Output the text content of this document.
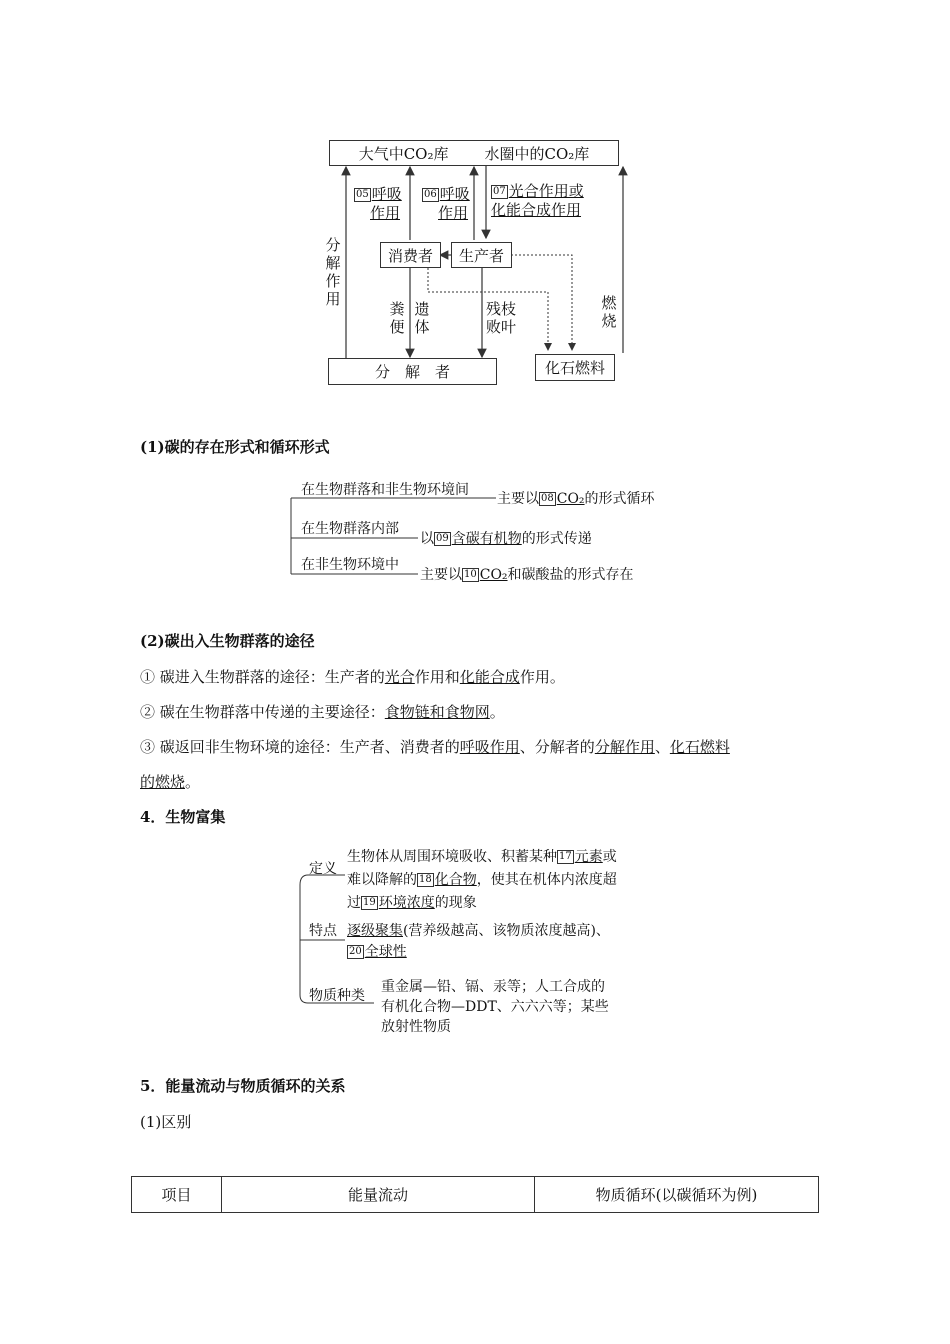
大气中CO₂库 水圈中的CO₂库
05 呼吸
作用
06 呼吸
作用
07 光合作用或
化能合成作用
分
解
作
用
消费者	生产者
粪
便
遗
体
残枝
败叶
燃
烧
分　解　者	化石燃料
(1)碳的存在形式和循环形式
在生物群落和非生物环境间
主要以 08 CO₂的形式循环
在生物群落内部
以 09 含碳有机物的形式传递
在非生物环境中
主要以 10 CO₂和碳酸盐的形式存在
(2)碳出入生物群落的途径
① 碳进入生物群落的途径：生产者的光合作用和化能合成作用。
② 碳在生物群落中传递的主要途径：食物链和食物网。
③ 碳返回非生物环境的途径：生产者、消费者的呼吸作用、分解者的分解作用、化石燃料
的燃烧。
4．生物富集
定义
生物体从周围环境吸收、积蓄某种 17 元素或
难以降解的 18 化合物，使其在机体内浓度超
过 19 环境浓度的现象
特点 逐级聚集(营养级越高、该物质浓度越高)、
20 全球性
物质种类
重金属—铅、镉、汞等；人工合成的
有机化合物—DDT、六六六等；某些
放射性物质
5．能量流动与物质循环的关系
(1)区别
项目	能量流动	物质循环(以碳循环为例)
